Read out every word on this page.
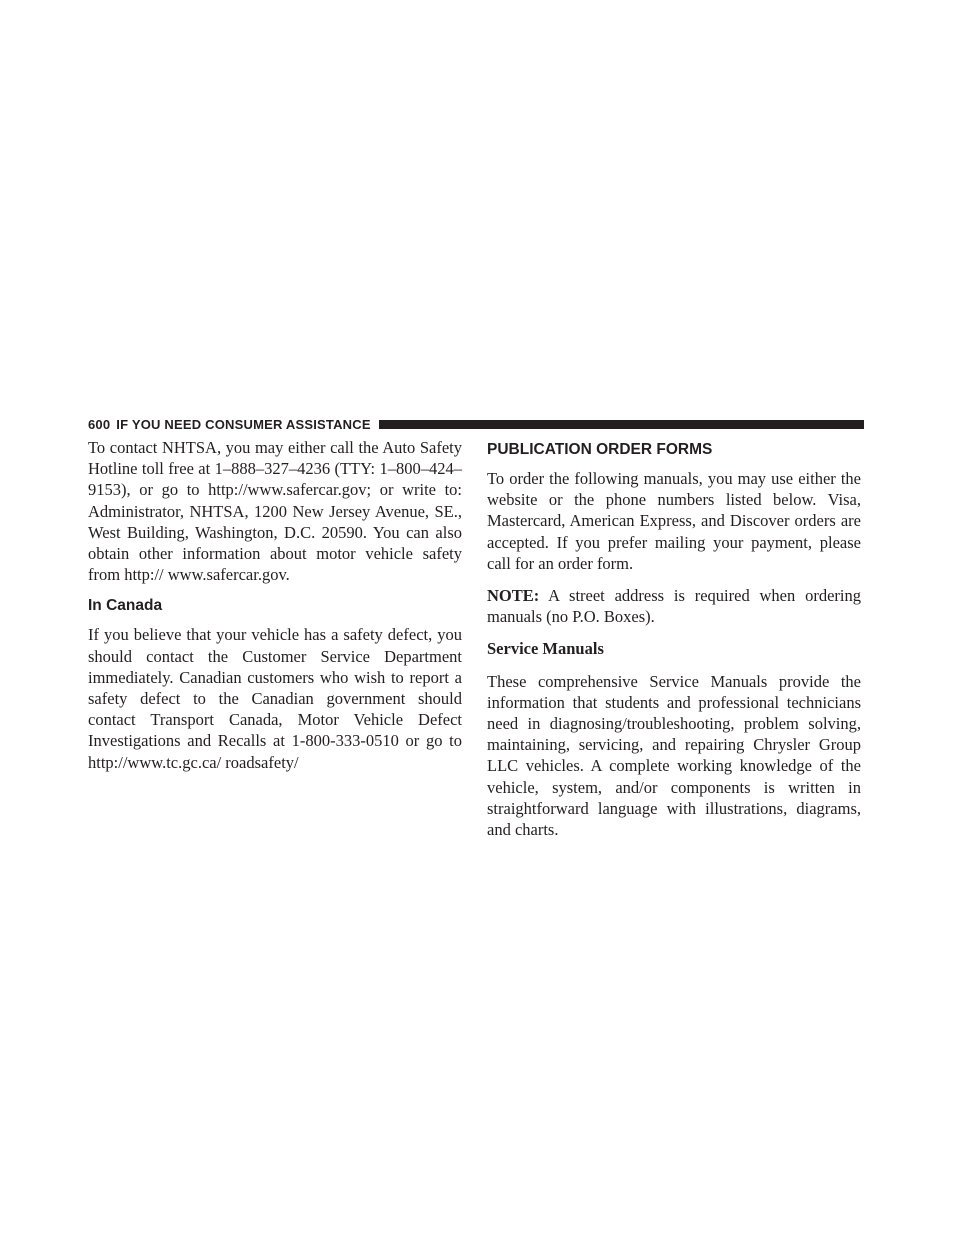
600 IF YOU NEED CONSUMER ASSISTANCE

To contact NHTSA, you may either call the Auto Safety Hotline toll free at 1–888–327–4236 (TTY: 1–800–424– 9153), or go to http://www.safercar.gov; or write to: Administrator, NHTSA, 1200 New Jersey Avenue, SE., West Building, Washington, D.C. 20590. You can also obtain other information about motor vehicle safety from http:// www.safercar.gov.

In Canada

If you believe that your vehicle has a safety defect, you should contact the Customer Service Department immediately. Canadian customers who wish to report a safety defect to the Canadian government should contact Transport Canada, Motor Vehicle Defect Investigations and Recalls at 1-800-333-0510 or go to http://www.tc.gc.ca/ roadsafety/

PUBLICATION ORDER FORMS

To order the following manuals, you may use either the website or the phone numbers listed below. Visa, Mastercard, American Express, and Discover orders are accepted. If you prefer mailing your payment, please call for an order form.

NOTE: A street address is required when ordering manuals (no P.O. Boxes).

Service Manuals

These comprehensive Service Manuals provide the information that students and professional technicians need in diagnosing/troubleshooting, problem solving, maintaining, servicing, and repairing Chrysler Group LLC vehicles. A complete working knowledge of the vehicle, system, and/or components is written in straightforward language with illustrations, diagrams, and charts.
